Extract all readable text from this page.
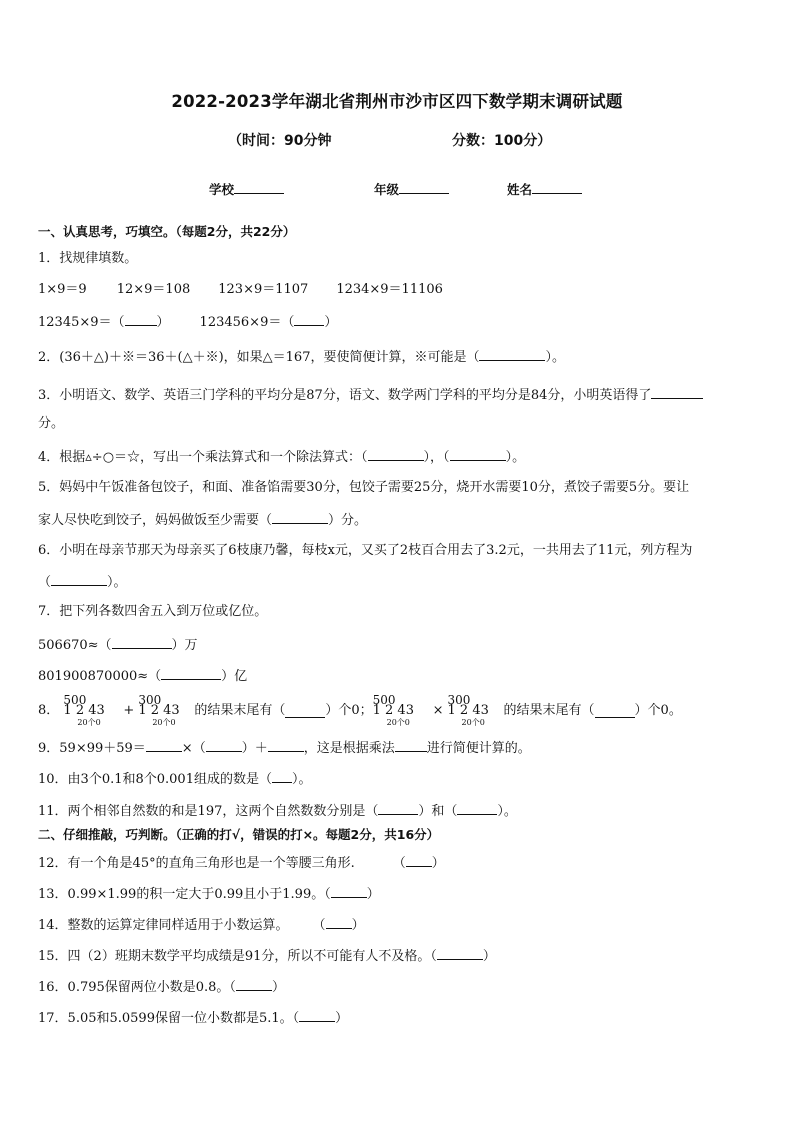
2022-2023学年湖北省荆州市沙市区四下数学期末调研试题
（时间：90分钟	分数：100分）
学校	年级	姓名
一、认真思考，巧填空。（每题2分，共22分）
1．找规律填数。
1×9＝9 12×9＝108 123×9＝1107 1234×9＝11106
12345×9＝（ ） 123456×9＝（ ）
2．(36＋△)＋※＝36＋(△＋※)，如果△＝167，要使简便计算，※可能是（	）。
3．小明语文、数学、英语三门学科的平均分是87分，语文、数学两门学科的平均分是84分，小明英语得了
分。
4．根据▵÷○＝☆，写出一个乘法算式和一个除法算式：（	），（	）。
5．妈妈中午饭准备包饺子，和面、准备馅需要30分，包饺子需要25分，烧开水需要10分，煮饺子需要5分。要让
家人尽快吃到饺子，妈妈做饭至少需要（	）分。
6．小明在母亲节那天为母亲买了6枝康乃馨，每枝x元，又买了2枝百合用去了3.2元，一共用去了11元，列方程为
（	）。
7．把下列各数四舍五入到万位或亿位。
506670≈（	）万
801900870000≈（	）亿
8．
500
1 2 43
20个0
+
300
1 2 43
20个0
的结果末尾有（	）个0；
500
1 2 43
20个0
×
300
1 2 43
20个0
的结果末尾有（	）个0。
9．59×99＋59＝	×（	）＋	，这是根据乘法 进行简便计算的。
10．由3个0.1和8个0.001组成的数是（ ）。
11．两个相邻自然数的和是197，这两个自然数数分别是（	）和（	）。
二、仔细推敲，巧判断。（正确的打√，错误的打×。每题2分，共16分）
12．有一个角是45°的直角三角形也是一个等腰三角形.	（ ）
13．0.99×1.99的积一定大于0.99且小于1.99。（	）
14．整数的运算定律同样适用于小数运算。 （ ）
15．四（2）班期末数学平均成绩是91分，所以不可能有人不及格。（	）
16．0.795保留两位小数是0.8。（	）
17．5.05和5.0599保留一位小数都是5.1。（	）
